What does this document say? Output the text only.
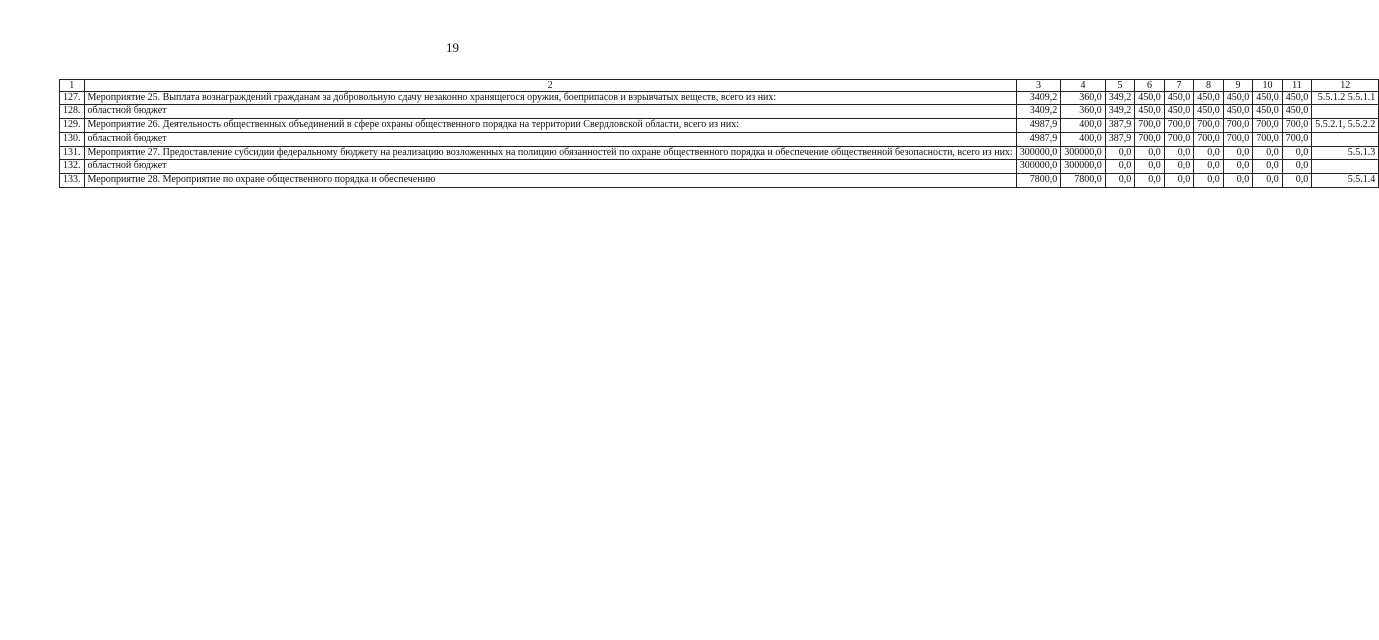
19
1	2	3	4	5	6	7	8	9	10	11	12
127.	Мероприятие 25. Выплата вознаграждений гражданам за добровольную сдачу незаконно хранящегося оружия, боеприпасов и взрывчатых веществ, всего из них:	3409,2	360,0	349,2	450,0	450,0	450,0	450,0	450,0	450,0	5.5.1.2 5.5.1.1
128.	областной бюджет	3409,2	360,0	349,2	450,0	450,0	450,0	450,0	450,0	450,0	
129.	Мероприятие 26. Деятельность общественных объединений в сфере охраны общественного порядка на территории Свердловской области, всего из них:	4987,9	400,0	387,9	700,0	700,0	700,0	700,0	700,0	700,0	5.5.2.1, 5.5.2.2
130.	областной бюджет	4987,9	400,0	387,9	700,0	700,0	700,0	700,0	700,0	700,0	
131.	Мероприятие 27. Предоставление субсидии федеральному бюджету на реализацию возложенных на полицию обязанностей по охране общественного порядка и обеспечение общественной безопасности, всего из них:	300000,0	300000,0	0,0	0,0	0,0	0,0	0,0	0,0	0,0	5.5.1.3
132.	областной бюджет	300000,0	300000,0	0,0	0,0	0,0	0,0	0,0	0,0	0,0	
133.	Мероприятие 28. Мероприятие по охране общественного порядка и обеспечению	7800,0	7800,0	0,0	0,0	0,0	0,0	0,0	0,0	0,0	5.5.1.4
